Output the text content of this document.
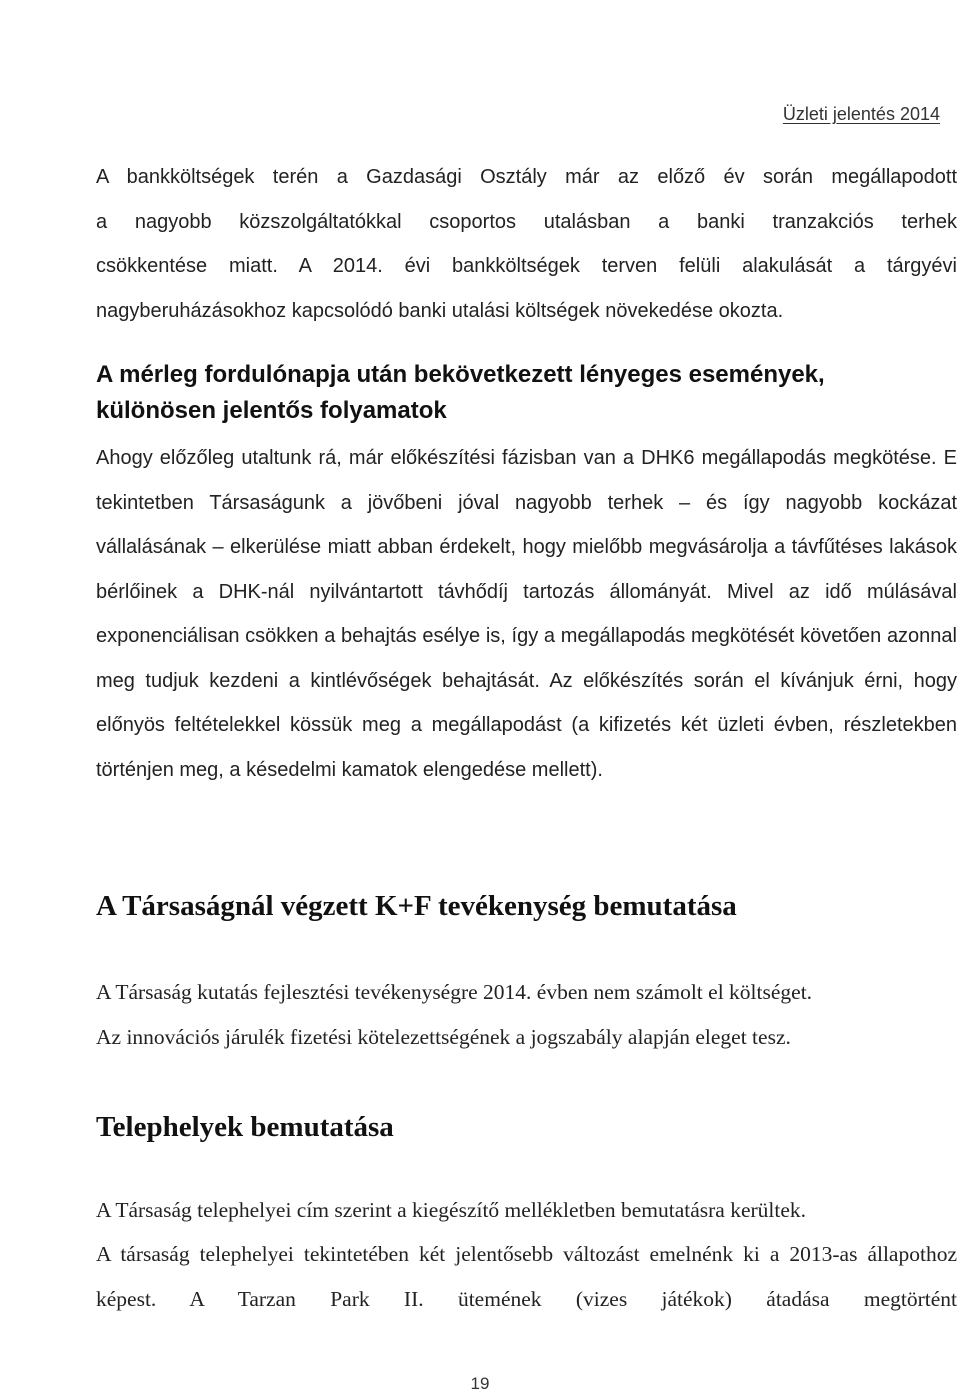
Üzleti jelentés 2014
A bankköltségek terén a Gazdasági Osztály már az előző év során megállapodott
a nagyobb közszolgáltatókkal csoportos utalásban a banki tranzakciós terhek
csökkentése miatt. A 2014. évi bankköltségek terven felüli alakulását a tárgyévi
nagyberuházásokhoz kapcsolódó banki utalási költségek növekedése okozta.
A mérleg fordulónapja után bekövetkezett lényeges események,
különösen jelentős folyamatok

Ahogy előzőleg utaltunk rá, már előkészítési fázisban van a DHK6 megállapodás megkötése. E tekintetben Társaságunk a jövőbeni jóval nagyobb terhek – és így nagyobb kockázat vállalásának – elkerülése miatt abban érdekelt, hogy mielőbb megvásárolja a távfűtéses lakások bérlőinek a DHK-nál nyilvántartott távhődíj tartozás állományát. Mivel az idő múlásával exponenciálisan csökken a behajtás esélye is, így a megállapodás megkötését követően azonnal meg tudjuk kezdeni a kintlévőségek behajtását. Az előkészítés során el kívánjuk érni, hogy előnyös feltételekkel kössük meg a megállapodást (a kifizetés két üzleti évben, részletekben történjen meg, a késedelmi kamatok elengedése mellett).

A Társaságnál végzett K+F tevékenység bemutatása
A Társaság kutatás fejlesztési tevékenységre 2014. évben nem számolt el költséget.
Az innovációs járulék fizetési kötelezettségének a jogszabály alapján eleget tesz.
Telephelyek bemutatása

A Társaság telephelyei cím szerint a kiegészítő mellékletben bemutatásra kerültek.

A társaság telephelyei tekintetében két jelentősebb változást emelnénk ki a 2013-as állapothoz képest. A Tarzan Park II. ütemének (vizes játékok) átadása megtörtént

19
